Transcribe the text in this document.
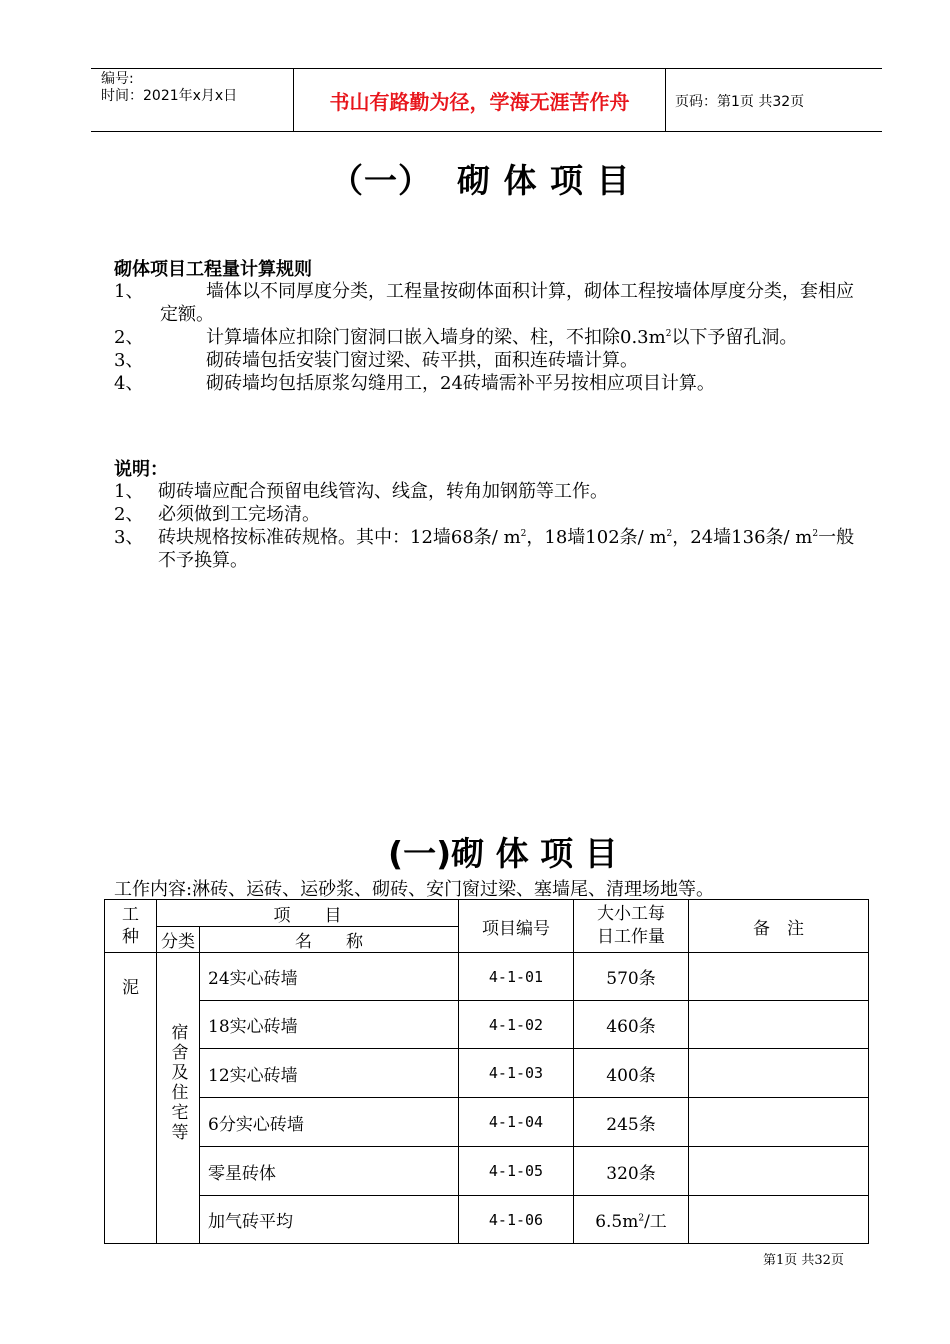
编号:
时间：2021年x月x日	书山有路勤为径，学海无涯苦作舟	页码：第1页 共32页
（一）  砌 体 项 目
砌体项目工程量计算规则
1、	墙体以不同厚度分类，工程量按砌体面积计算，砌体工程按墙体厚度分类，套相应定额。
2、	计算墙体应扣除门窗洞口嵌入墙身的梁、柱，不扣除$0.3m^2$以下予留孔洞。
3、	砌砖墙包括安装门窗过梁、砖平拱，面积连砖墙计算。
4、	砌砖墙均包括原浆勾缝用工，24砖墙需补平另按相应项目计算。
说明：
1、 砌砖墙应配合预留电线管沟、线盒，转角加钢筋等工作。
2、 必须做到工完场清。
3、 砖块规格按标准砖规格。其中：12墙68条/ $m^2$，18墙102条/ $m^2$，24墙136条/ $m^2$一般不予换算。
(一)砌 体 项 目
工作内容:淋砖、运砖、运砂浆、砌砖、安门窗过梁、塞墙尾、清理场地等。
工种	项　　目		项目编号	大小工每日工作量	备　注
	分类	名　　称			
泥	宿舍及住宅等	24实心砖墙	4-1-01	570条	
		18实心砖墙	4-1-02	460条	
		12实心砖墙	4-1-03	400条	
		6分实心砖墙	4-1-04	245条	
		零星砖体	4-1-05	320条	
		加气砖平均	4-1-06	$6.5m^2/$工	
第1页 共32页
